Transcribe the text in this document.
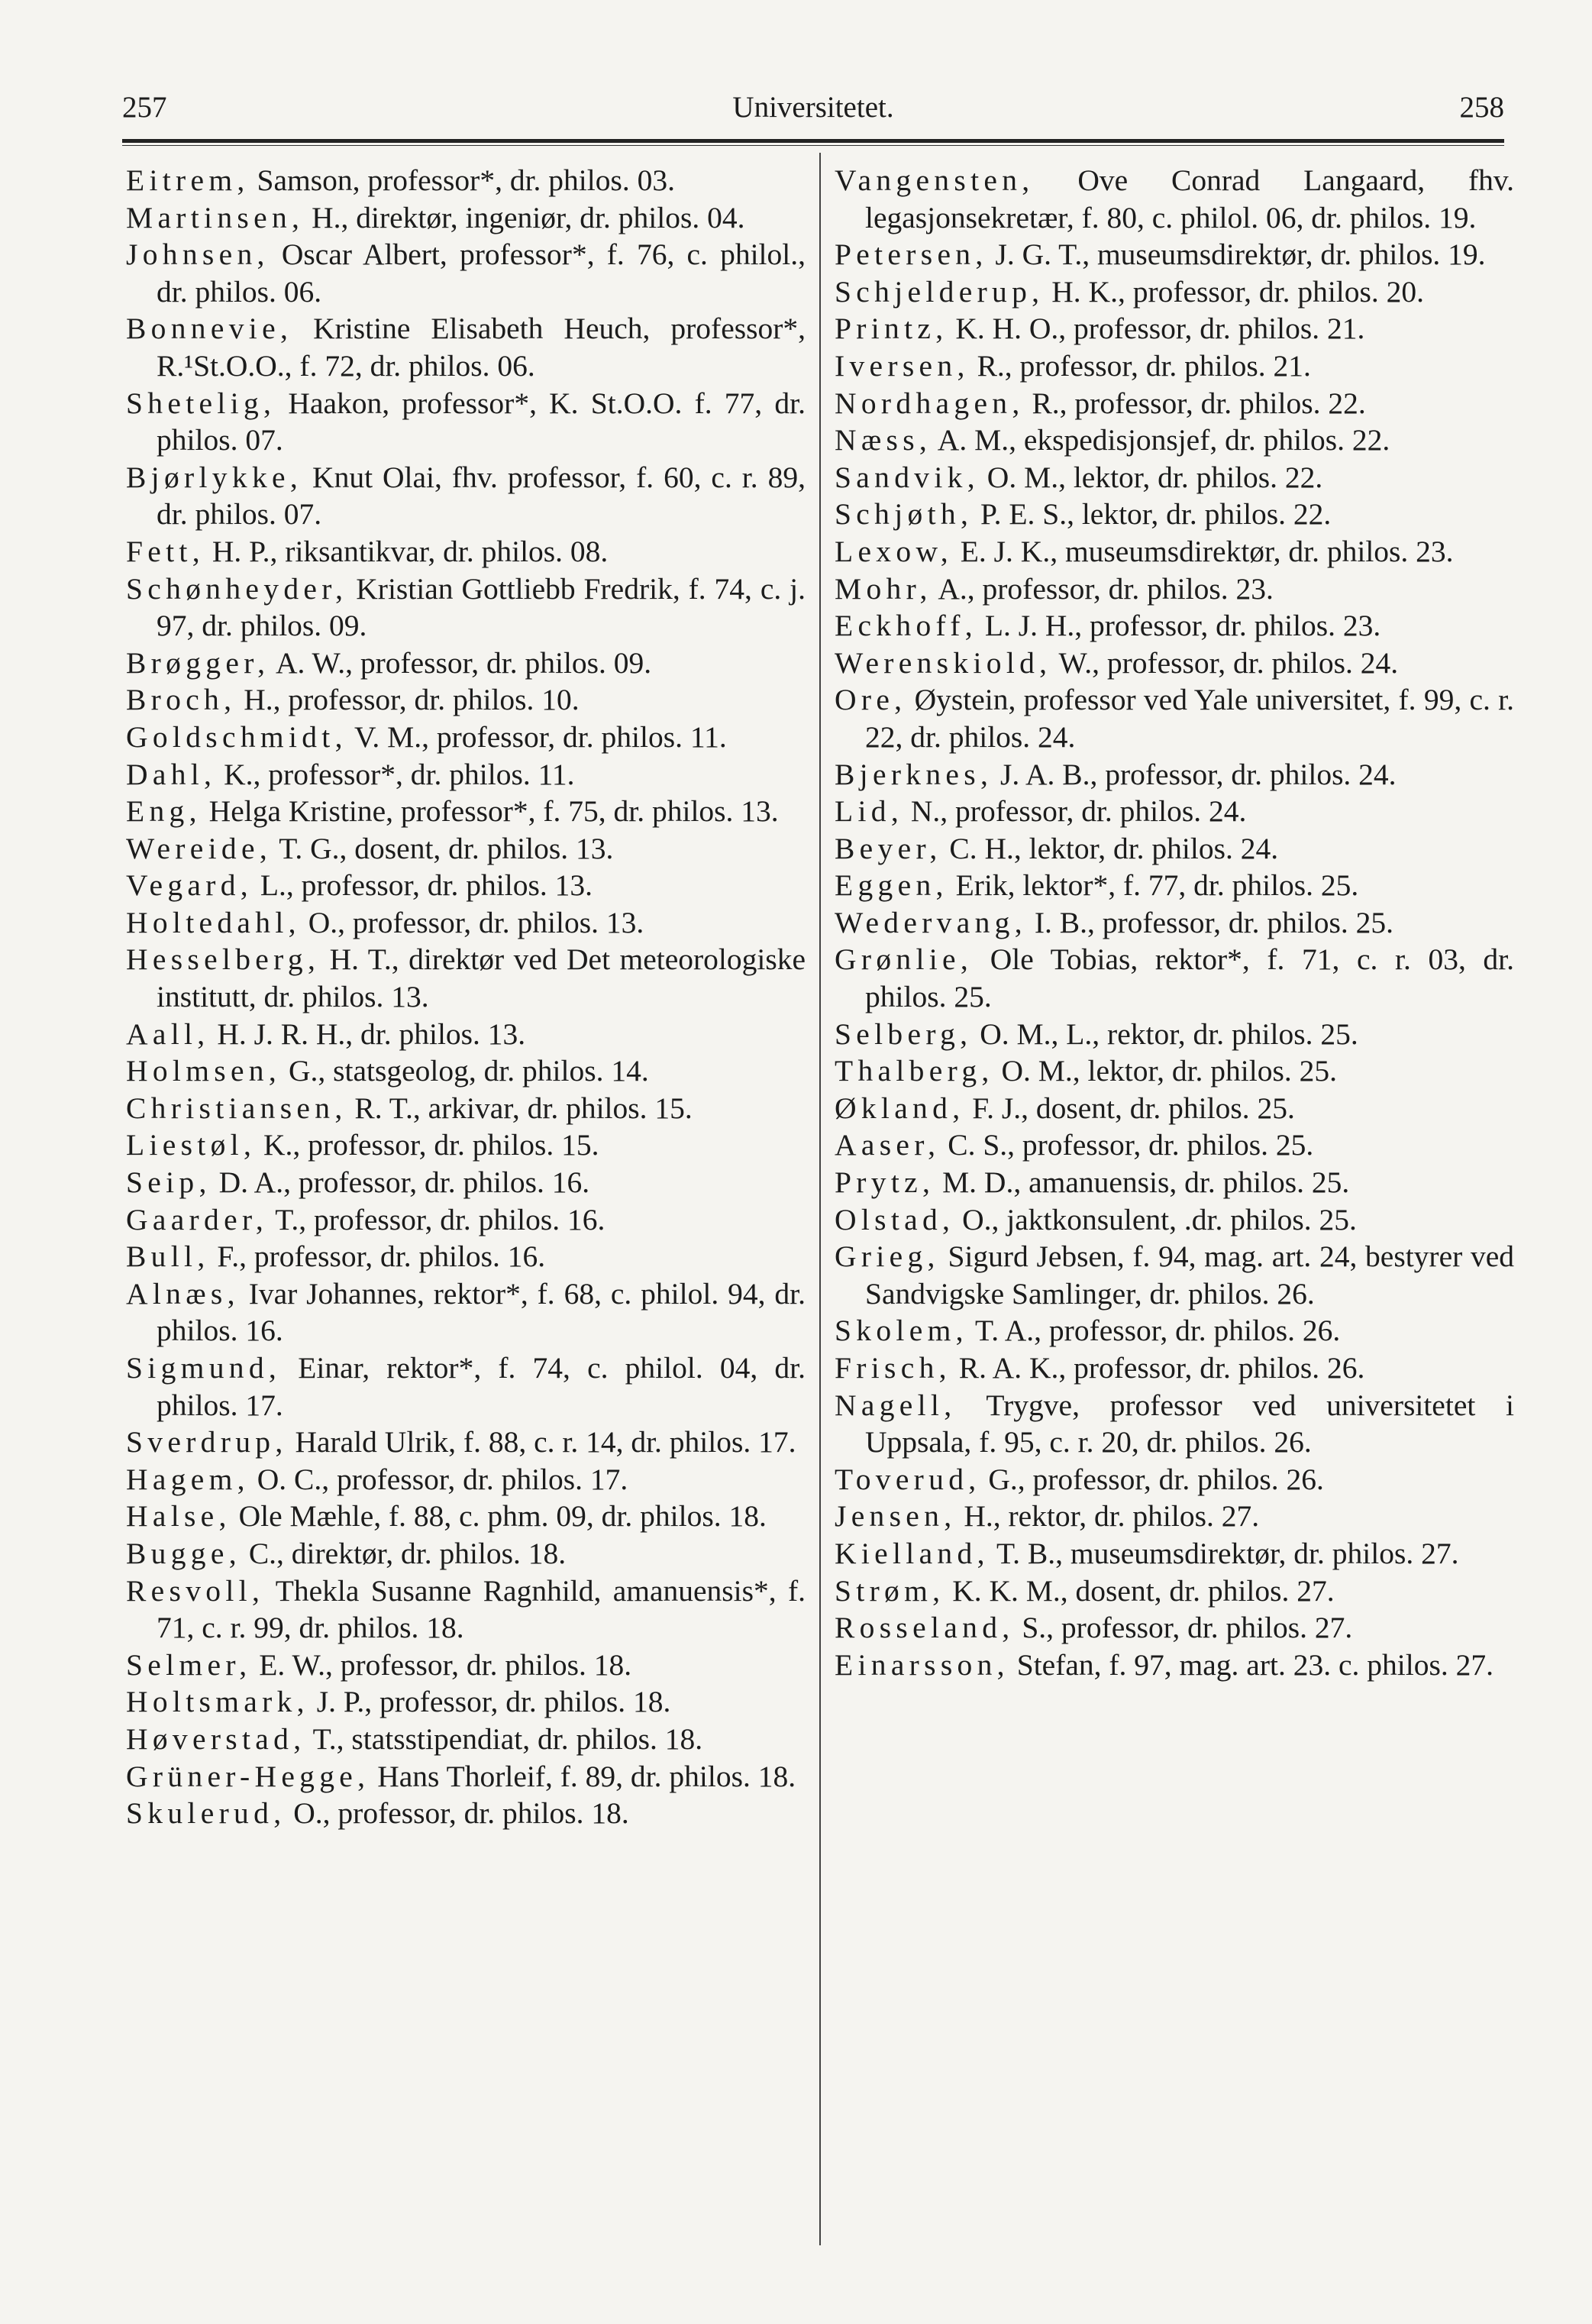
257	Universitetet.	258

Eitrem, Samson, professor*, dr. philos. 03.

Martinsen, H., direktør, ingeniør, dr. philos. 04.

Johnsen, Oscar Albert, professor*, f. 76, c. philol., dr. philos. 06.

Bonnevie, Kristine Elisabeth Heuch, professor*, R.¹St.O.O., f. 72, dr. philos. 06.

Shetelig, Haakon, professor*, K. St.O.O. f. 77, dr. philos. 07.

Bjørlykke, Knut Olai, fhv. professor, f. 60, c. r. 89, dr. philos. 07.

Fett, H. P., riksantikvar, dr. philos. 08.

Schønheyder, Kristian Gottliebb Fredrik, f. 74, c. j. 97, dr. philos. 09.

Brøgger, A. W., professor, dr. philos. 09.

Broch, H., professor, dr. philos. 10.

Goldschmidt, V. M., professor, dr. philos. 11.

Dahl, K., professor*, dr. philos. 11.

Eng, Helga Kristine, professor*, f. 75, dr. philos. 13.

Wereide, T. G., dosent, dr. philos. 13.

Vegard, L., professor, dr. philos. 13.

Holtedahl, O., professor, dr. philos. 13.

Hesselberg, H. T., direktør ved Det meteorologiske institutt, dr. philos. 13.

Aall, H. J. R. H., dr. philos. 13.

Holmsen, G., statsgeolog, dr. philos. 14.

Christiansen, R. T., arkivar, dr. philos. 15.

Liestøl, K., professor, dr. philos. 15.

Seip, D. A., professor, dr. philos. 16.

Gaarder, T., professor, dr. philos. 16.

Bull, F., professor, dr. philos. 16.

Alnæs, Ivar Johannes, rektor*, f. 68, c. philol. 94, dr. philos. 16.

Sigmund, Einar, rektor*, f. 74, c. philol. 04, dr. philos. 17.

Sverdrup, Harald Ulrik, f. 88, c. r. 14, dr. philos. 17.

Hagem, O. C., professor, dr. philos. 17.

Halse, Ole Mæhle, f. 88, c. phm. 09, dr. philos. 18.

Bugge, C., direktør, dr. philos. 18.

Resvoll, Thekla Susanne Ragnhild, amanuensis*, f. 71, c. r. 99, dr. philos. 18.

Selmer, E. W., professor, dr. philos. 18.

Holtsmark, J. P., professor, dr. philos. 18.

Høverstad, T., statsstipendiat, dr. philos. 18.

Grüner-Hegge, Hans Thorleif, f. 89, dr. philos. 18.

Skulerud, O., professor, dr. philos. 18.

Vangensten, Ove Conrad Langaard, fhv. legasjonsekretær, f. 80, c. philol. 06, dr. philos. 19.

Petersen, J. G. T., museumsdirektør, dr. philos. 19.

Schjelderup, H. K., professor, dr. philos. 20.

Printz, K. H. O., professor, dr. philos. 21.

Iversen, R., professor, dr. philos. 21.

Nordhagen, R., professor, dr. philos. 22.

Næss, A. M., ekspedisjonsjef, dr. philos. 22.

Sandvik, O. M., lektor, dr. philos. 22.

Schjøth, P. E. S., lektor, dr. philos. 22.

Lexow, E. J. K., museumsdirektør, dr. philos. 23.

Mohr, A., professor, dr. philos. 23.

Eckhoff, L. J. H., professor, dr. philos. 23.

Werenskiold, W., professor, dr. philos. 24.

Ore, Øystein, professor ved Yale universitet, f. 99, c. r. 22, dr. philos. 24.

Bjerknes, J. A. B., professor, dr. philos. 24.

Lid, N., professor, dr. philos. 24.

Beyer, C. H., lektor, dr. philos. 24.

Eggen, Erik, lektor*, f. 77, dr. philos. 25.

Wedervang, I. B., professor, dr. philos. 25.

Grønlie, Ole Tobias, rektor*, f. 71, c. r. 03, dr. philos. 25.

Selberg, O. M., L., rektor, dr. philos. 25.

Thalberg, O. M., lektor, dr. philos. 25.

Økland, F. J., dosent, dr. philos. 25.

Aaser, C. S., professor, dr. philos. 25.

Prytz, M. D., amanuensis, dr. philos. 25.

Olstad, O., jaktkonsulent, .dr. philos. 25.

Grieg, Sigurd Jebsen, f. 94, mag. art. 24, bestyrer ved Sandvigske Samlinger, dr. philos. 26.

Skolem, T. A., professor, dr. philos. 26.

Frisch, R. A. K., professor, dr. philos. 26.

Nagell, Trygve, professor ved universitetet i Uppsala, f. 95, c. r. 20, dr. philos. 26.

Toverud, G., professor, dr. philos. 26.

Jensen, H., rektor, dr. philos. 27.

Kielland, T. B., museumsdirektør, dr. philos. 27.

Strøm, K. K. M., dosent, dr. philos. 27.

Rosseland, S., professor, dr. philos. 27.

Einarsson, Stefan, f. 97, mag. art. 23. c. philos. 27.
